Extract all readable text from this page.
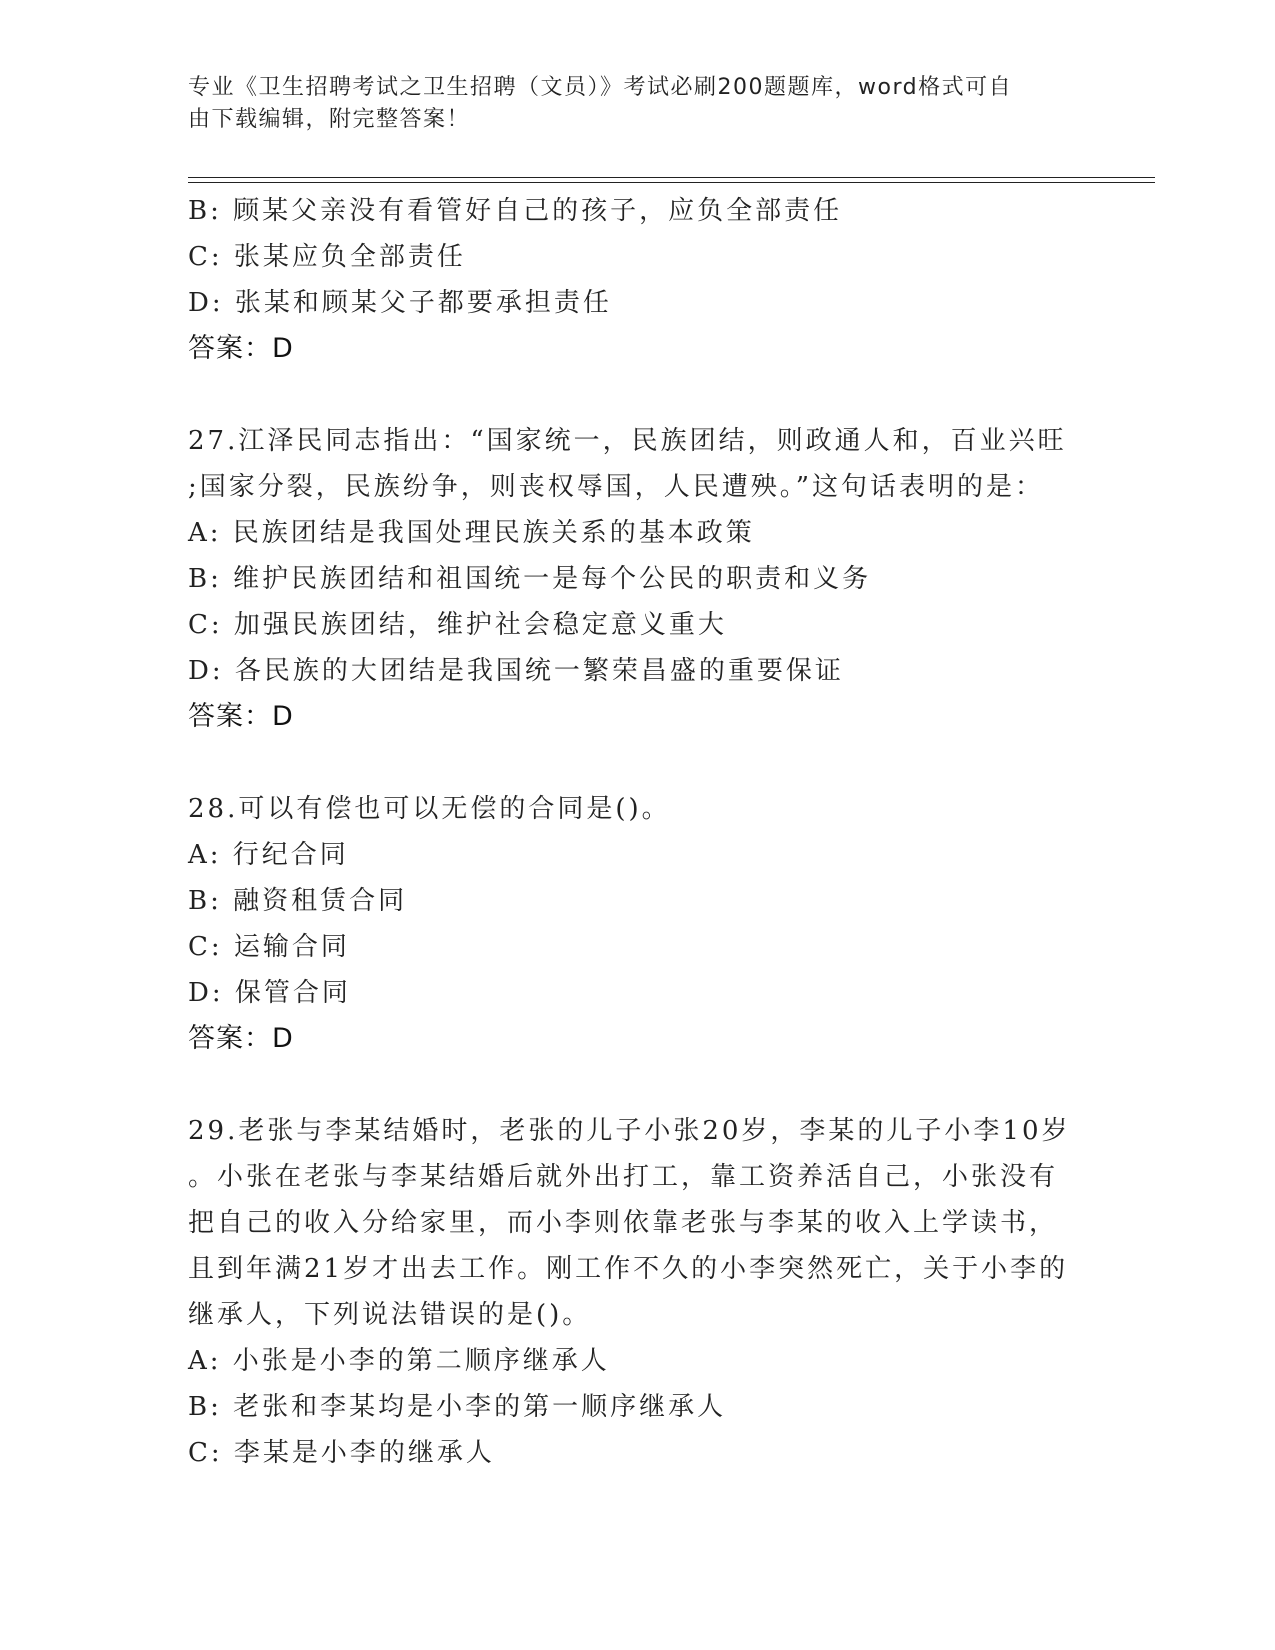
专业《卫生招聘考试之卫生招聘（文员）》考试必刷200题题库，word格式可自
由下载编辑，附完整答案！
B: 顾某父亲没有看管好自己的孩子，应负全部责任
C: 张某应负全部责任
D: 张某和顾某父子都要承担责任
答案：D
27.江泽民同志指出：“国家统一，民族团结，则政通人和，百业兴旺
;国家分裂，民族纷争，则丧权辱国，人民遭殃。”这句话表明的是：
A: 民族团结是我国处理民族关系的基本政策
B: 维护民族团结和祖国统一是每个公民的职责和义务
C: 加强民族团结，维护社会稳定意义重大
D: 各民族的大团结是我国统一繁荣昌盛的重要保证
答案：D
28.可以有偿也可以无偿的合同是()。
A: 行纪合同
B: 融资租赁合同
C: 运输合同
D: 保管合同
答案：D
29.老张与李某结婚时，老张的儿子小张20岁，李某的儿子小李10岁
。小张在老张与李某结婚后就外出打工，靠工资养活自己，小张没有
把自己的收入分给家里，而小李则依靠老张与李某的收入上学读书，
且到年满21岁才出去工作。刚工作不久的小李突然死亡，关于小李的
继承人，下列说法错误的是()。
A: 小张是小李的第二顺序继承人
B: 老张和李某均是小李的第一顺序继承人
C: 李某是小李的继承人
